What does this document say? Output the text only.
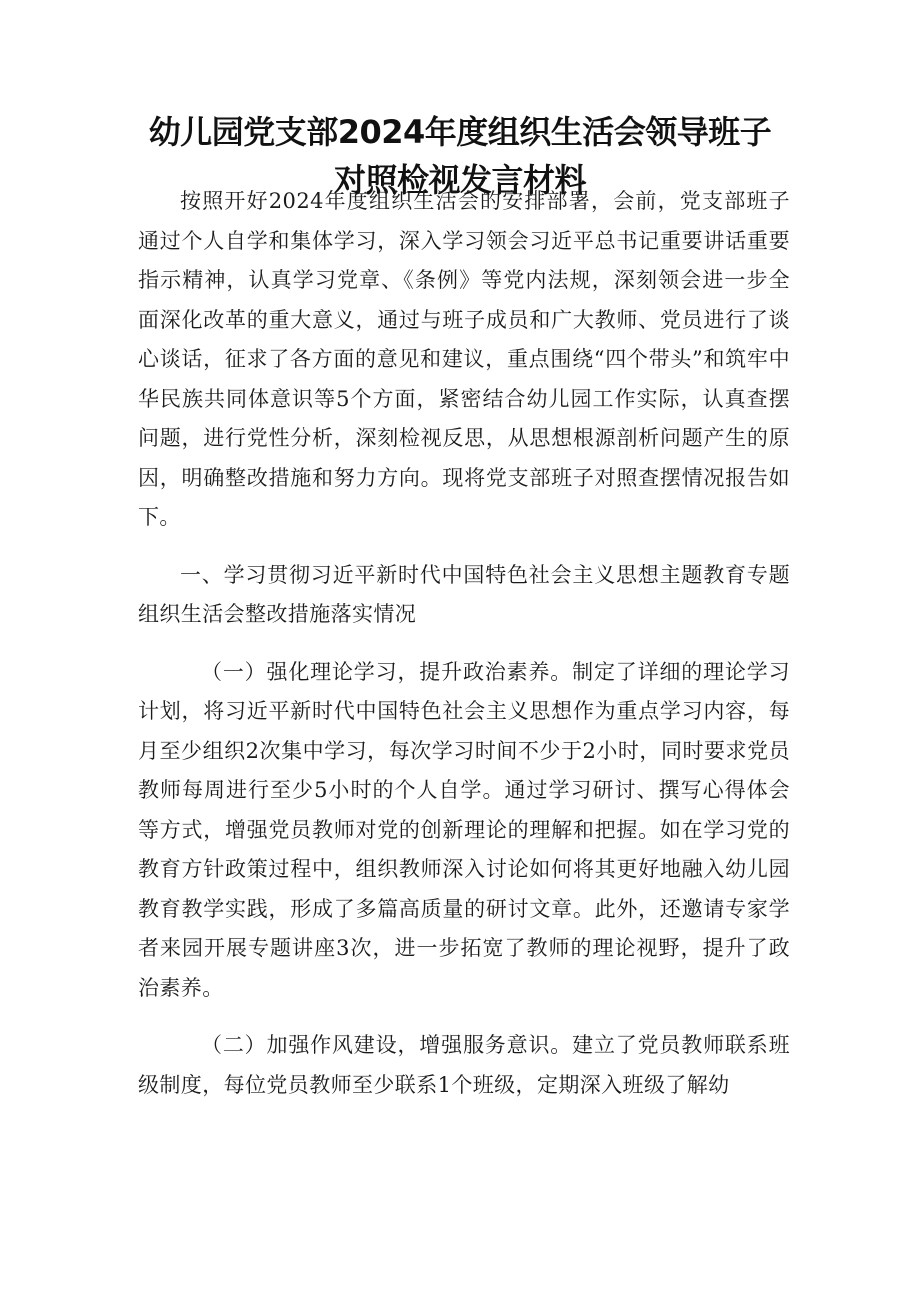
幼儿园党支部2024年度组织生活会领导班子
对照检视发言材料

按照开好2024年度组织生活会的安排部署，会前，党支部班子通过个人自学和集体学习，深入学习领会习近平总书记重要讲话重要指示精神，认真学习党章、《条例》等党内法规，深刻领会进一步全面深化改革的重大意义，通过与班子成员和广大教师、党员进行了谈心谈话，征求了各方面的意见和建议，重点围绕“四个带头”和筑牢中华民族共同体意识等5个方面，紧密结合幼儿园工作实际，认真查摆问题，进行党性分析，深刻检视反思，从思想根源剖析问题产生的原因，明确整改措施和努力方向。现将党支部班子对照查摆情况报告如下。

一、学习贯彻习近平新时代中国特色社会主义思想主题教育专题组织生活会整改措施落实情况

（一）强化理论学习，提升政治素养。制定了详细的理论学习计划，将习近平新时代中国特色社会主义思想作为重点学习内容，每月至少组织2次集中学习，每次学习时间不少于2小时，同时要求党员教师每周进行至少5小时的个人自学。通过学习研讨、撰写心得体会等方式，增强党员教师对党的创新理论的理解和把握。如在学习党的教育方针政策过程中，组织教师深入讨论如何将其更好地融入幼儿园教育教学实践，形成了多篇高质量的研讨文章。此外，还邀请专家学者来园开展专题讲座3次，进一步拓宽了教师的理论视野，提升了政治素养。

（二）加强作风建设，增强服务意识。建立了党员教师联系班级制度，每位党员教师至少联系1个班级，定期深入班级了解幼
